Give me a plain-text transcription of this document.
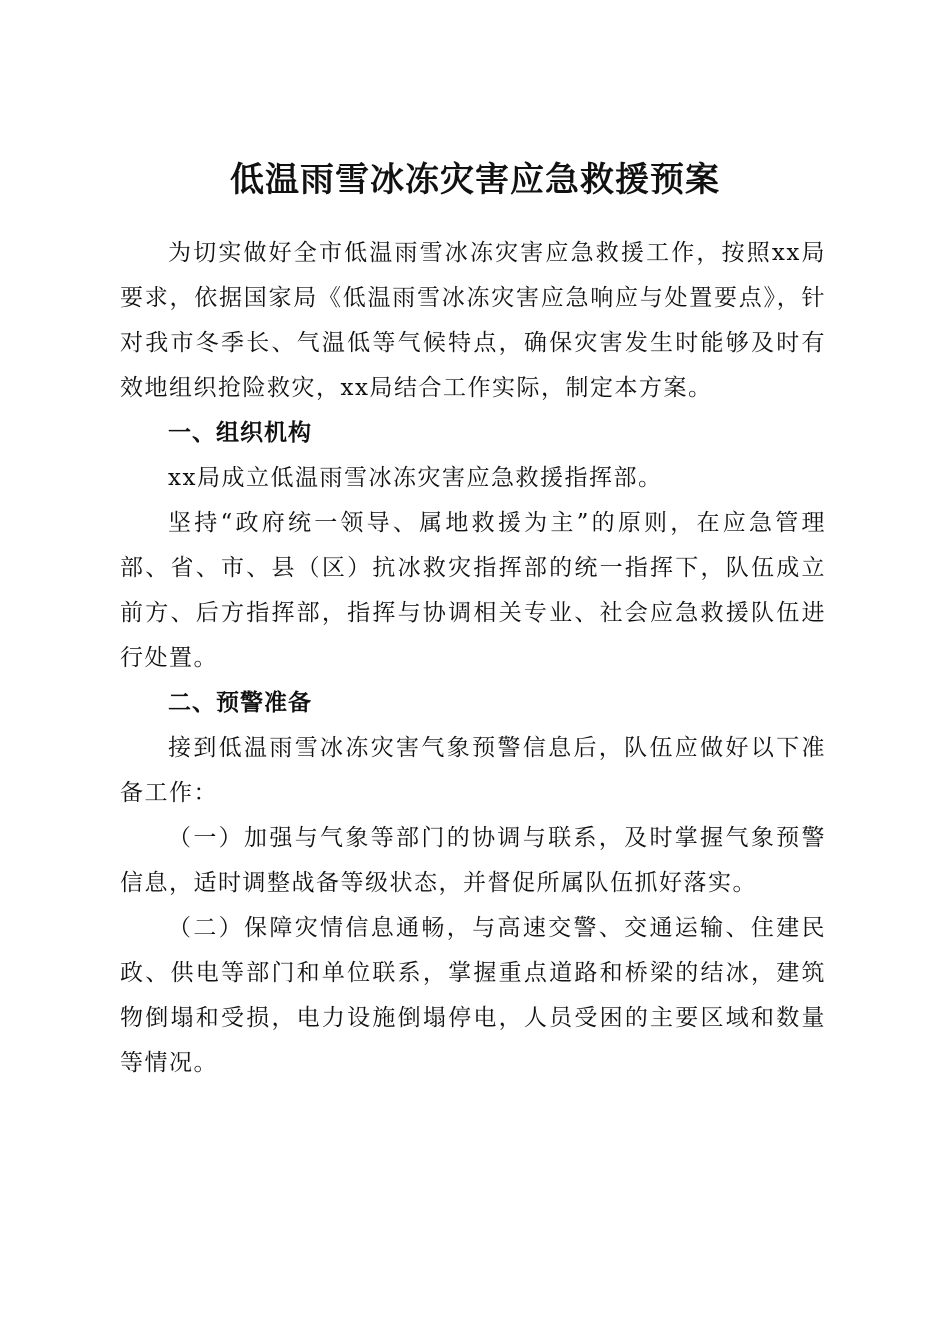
低温雨雪冰冻灾害应急救援预案

为切实做好全市低温雨雪冰冻灾害应急救援工作，按照xx局要求，依据国家局《低温雨雪冰冻灾害应急响应与处置要点》，针对我市冬季长、气温低等气候特点，确保灾害发生时能够及时有效地组织抢险救灾，xx局结合工作实际，制定本方案。

一、组织机构

xx局成立低温雨雪冰冻灾害应急救援指挥部。

坚持“政府统一领导、属地救援为主”的原则，在应急管理部、省、市、县（区）抗冰救灾指挥部的统一指挥下，队伍成立前方、后方指挥部，指挥与协调相关专业、社会应急救援队伍进行处置。

二、预警准备

接到低温雨雪冰冻灾害气象预警信息后，队伍应做好以下准备工作：

（一）加强与气象等部门的协调与联系，及时掌握气象预警信息，适时调整战备等级状态，并督促所属队伍抓好落实。

（二）保障灾情信息通畅，与高速交警、交通运输、住建民政、供电等部门和单位联系，掌握重点道路和桥梁的结冰，建筑物倒塌和受损，电力设施倒塌停电，人员受困的主要区域和数量等情况。
